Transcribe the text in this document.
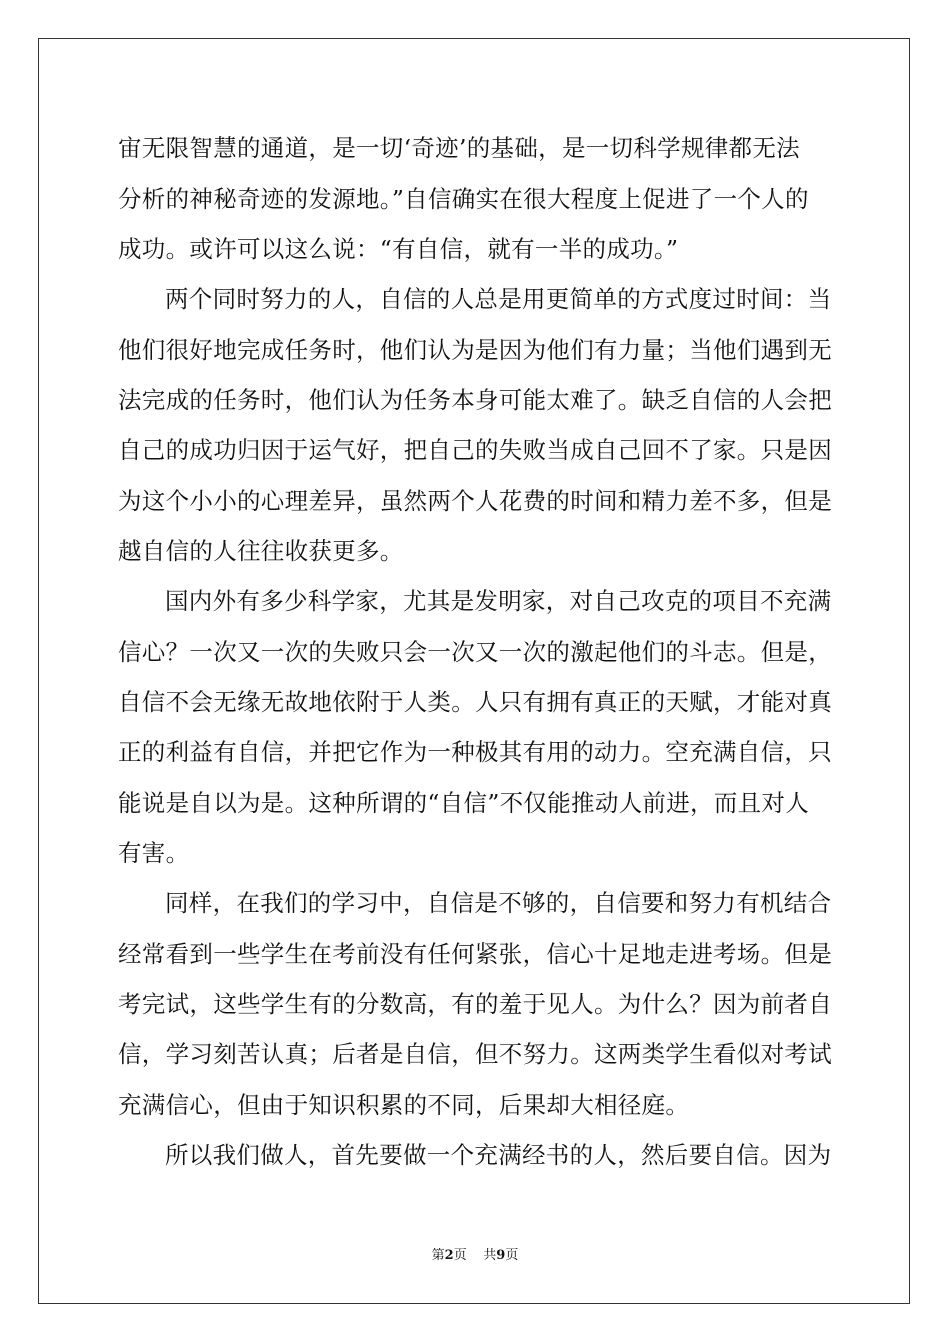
宙无限智慧的通道，是一切‘奇迹’的基础，是一切科学规律都无法
分析的神秘奇迹的发源地。”自信确实在很大程度上促进了一个人的
成功。或许可以这么说：“有自信，就有一半的成功。”
两个同时努力的人，自信的人总是用更简单的方式度过时间：当
他们很好地完成任务时，他们认为是因为他们有力量；当他们遇到无
法完成的任务时，他们认为任务本身可能太难了。缺乏自信的人会把
自己的成功归因于运气好，把自己的失败当成自己回不了家。只是因
为这个小小的心理差异，虽然两个人花费的时间和精力差不多，但是
越自信的人往往收获更多。
国内外有多少科学家，尤其是发明家，对自己攻克的项目不充满
信心？一次又一次的失败只会一次又一次的激起他们的斗志。但是，
自信不会无缘无故地依附于人类。人只有拥有真正的天赋，才能对真
正的利益有自信，并把它作为一种极其有用的动力。空充满自信，只
能说是自以为是。这种所谓的“自信”不仅能推动人前进，而且对人
有害。
同样，在我们的学习中，自信是不够的，自信要和努力有机结合
经常看到一些学生在考前没有任何紧张，信心十足地走进考场。但是
考完试，这些学生有的分数高，有的羞于见人。为什么？因为前者自
信，学习刻苦认真；后者是自信，但不努力。这两类学生看似对考试
充满信心，但由于知识积累的不同，后果却大相径庭。
所以我们做人，首先要做一个充满经书的人，然后要自信。因为
第2页 共9页
